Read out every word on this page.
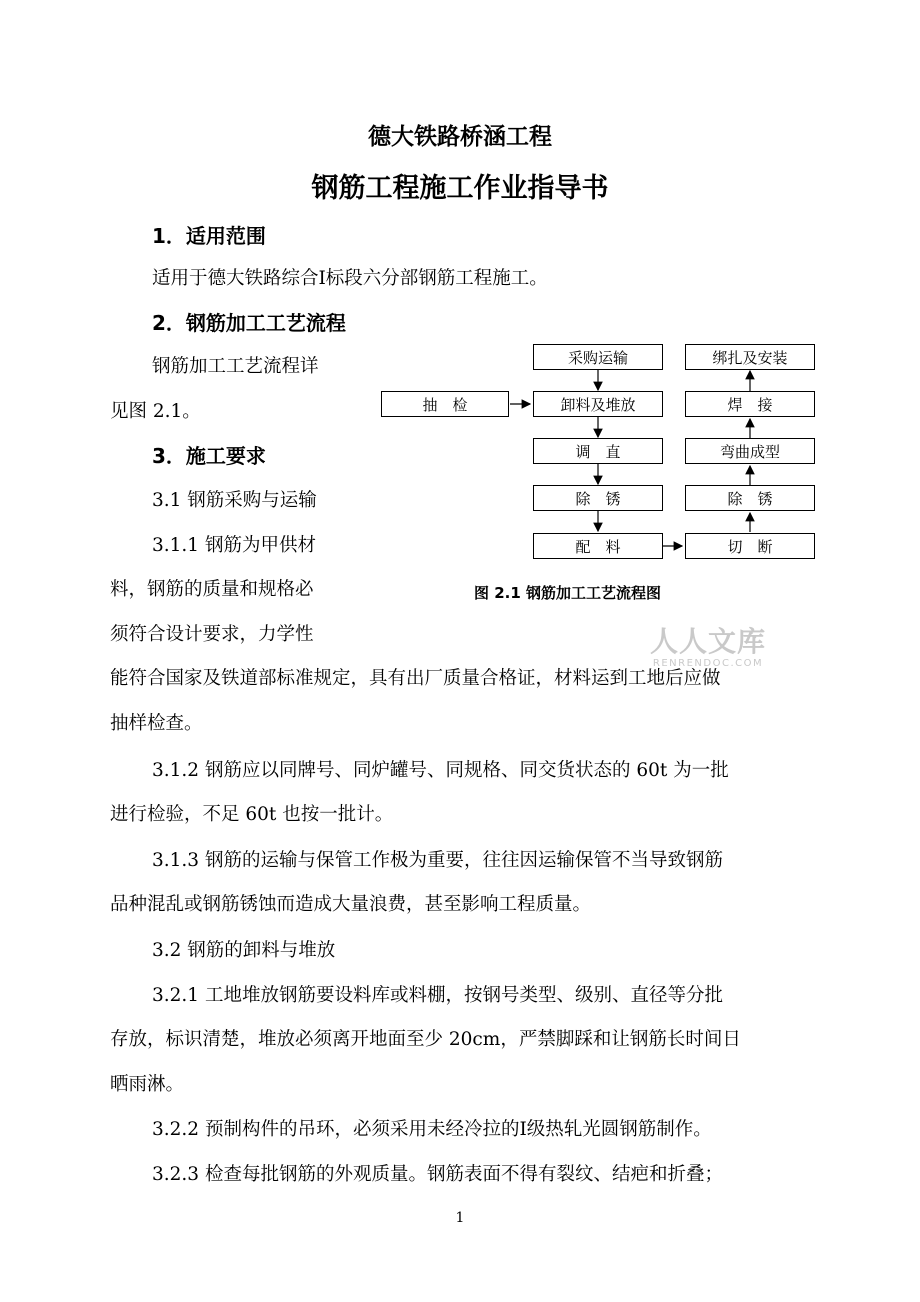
德大铁路桥涵工程
钢筋工程施工作业指导书
1．适用范围
适用于德大铁路综合Ⅰ标段六分部钢筋工程施工。
2．钢筋加工工艺流程
钢筋加工工艺流程详
见图 2.1。
3．施工要求
3.1 钢筋采购与运输
3.1.1 钢筋为甲供材
料，钢筋的质量和规格必
须符合设计要求，力学性
能符合国家及铁道部标准规定，具有出厂质量合格证，材料运到工地后应做
抽样检查。
3.1.2 钢筋应以同牌号、同炉罐号、同规格、同交货状态的 60t 为一批
进行检验，不足 60t 也按一批计。
3.1.3 钢筋的运输与保管工作极为重要，往往因运输保管不当导致钢筋
品种混乱或钢筋锈蚀而造成大量浪费，甚至影响工程质量。
3.2 钢筋的卸料与堆放
3.2.1 工地堆放钢筋要设料库或料棚，按钢号类型、级别、直径等分批
存放，标识清楚，堆放必须离开地面至少 20cm，严禁脚踩和让钢筋长时间日
晒雨淋。
3.2.2 预制构件的吊环，必须采用未经冷拉的Ⅰ级热轧光圆钢筋制作。
3.2.3 检查每批钢筋的外观质量。钢筋表面不得有裂纹、结疤和折叠；
采购运输
卸料及堆放
调　直
除　锈
配　料
绑扎及安装
焊　接
弯曲成型
除　锈
切　断
抽　检
图 2.1 钢筋加工工艺流程图
人人文库
RENRENDOC.COM
1
